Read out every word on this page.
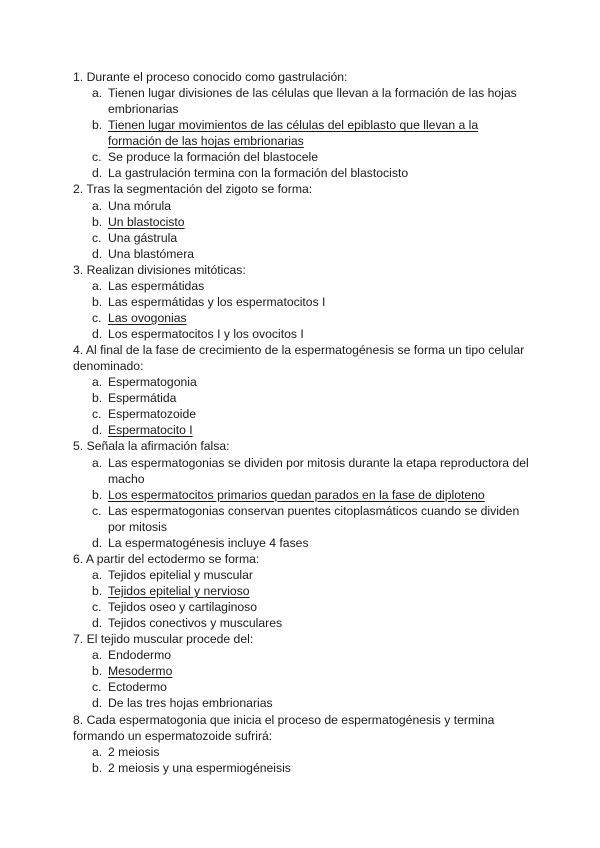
1. Durante el proceso conocido como gastrulación:
a. Tienen lugar divisiones de las células que llevan a la formación de las hojas embrionarias
b. Tienen lugar movimientos de las células del epiblasto que llevan a la formación de las hojas embrionarias
c. Se produce la formación del blastocele
d. La gastrulación termina con la formación del blastocisto
2. Tras la segmentación del zigoto se forma:
a. Una mórula
b. Un blastocisto
c. Una gástrula
d. Una blastómera
3. Realizan divisiones mitóticas:
a. Las espermátidas
b. Las espermátidas y los espermatocitos I
c. Las ovogonias
d. Los espermatocitos I y los ovocitos I
4. Al final de la fase de crecimiento de la espermatogénesis se forma un tipo celular denominado:
a. Espermatogonia
b. Espermátida
c. Espermatozoide
d. Espermatocito I
5. Señala la afirmación falsa:
a. Las espermatogonias se dividen por mitosis durante la etapa reproductora del macho
b. Los espermatocitos primarios quedan parados en la fase de diploteno
c. Las espermatogonias conservan puentes citoplasmáticos cuando se dividen por mitosis
d. La espermatogénesis incluye 4 fases
6. A partir del ectodermo se forma:
a. Tejidos epitelial y muscular
b. Tejidos epitelial y nervioso
c. Tejidos oseo y cartilaginoso
d. Tejidos conectivos y musculares
7. El tejido muscular procede del:
a. Endodermo
b. Mesodermo
c. Ectodermo
d. De las tres hojas embrionarias
8. Cada espermatogonia que inicia el proceso de espermatogénesis y termina formando un espermatozoide sufrirá:
a. 2 meiosis
b. 2 meiosis y una espermiogéneisis
